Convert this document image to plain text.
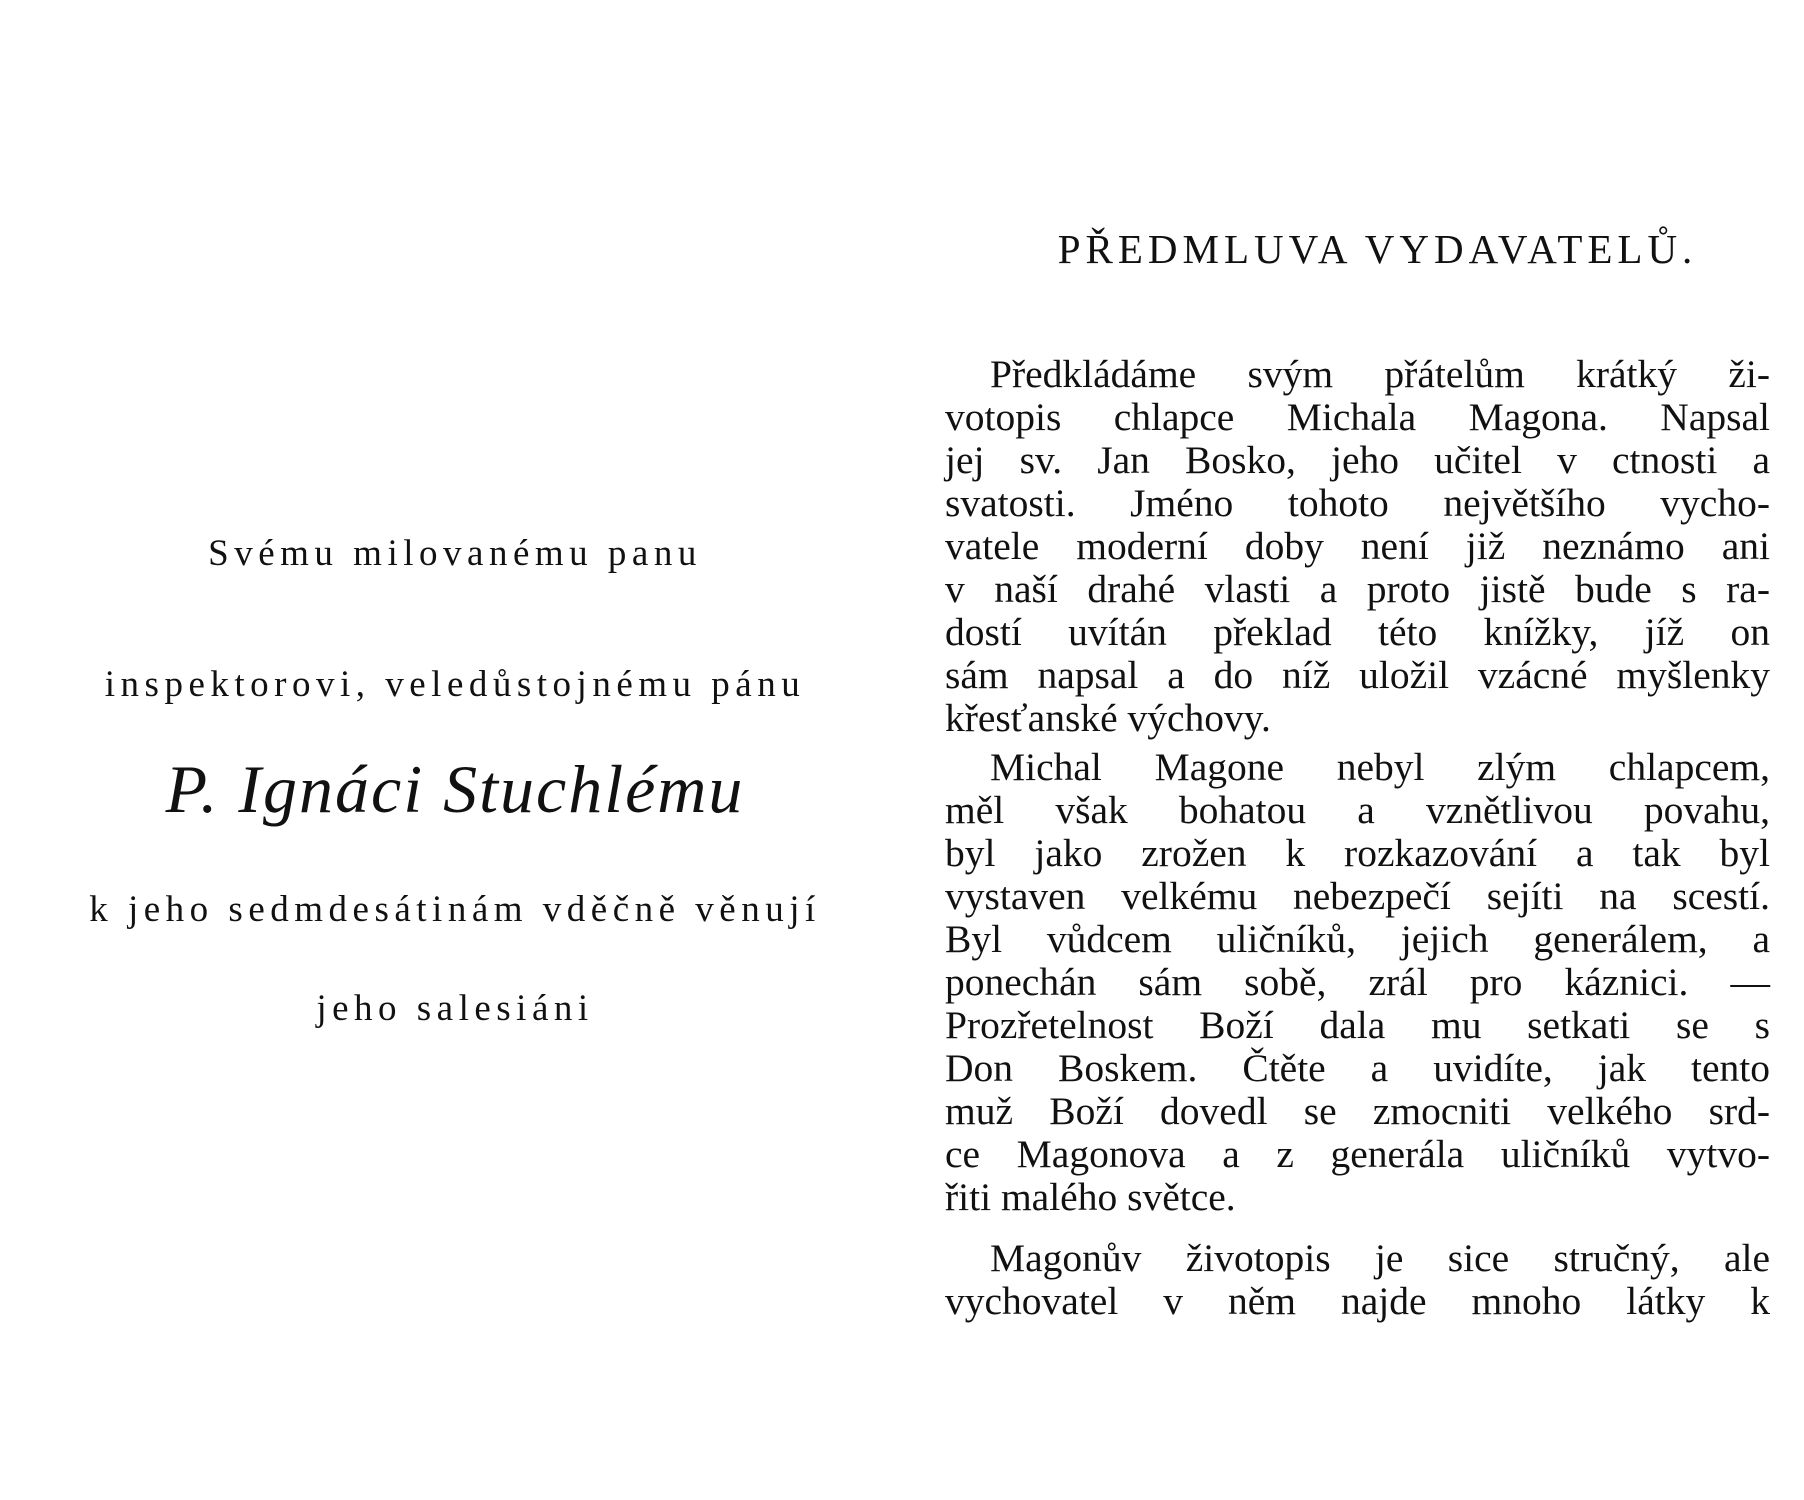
Svému milovanému panu

inspektorovi, veledůstojnému pánu

P. Ignáci Stuchlému

k jeho sedmdesátinám vděčně věnují

jeho salesiáni

PŘEDMLUVA VYDAVATELŮ.
Předkládáme svým přátelům krátký ži-
votopis chlapce Michala Magona. Napsal
jej sv. Jan Bosko, jeho učitel v ctnosti a
svatosti. Jméno tohoto největšího vycho-
vatele moderní doby není již neznámo ani
v naší drahé vlasti a proto jistě bude s ra-
dostí uvítán překlad této knížky, jíž on
sám napsal a do níž uložil vzácné myšlenky
křesťanské výchovy.
Michal Magone nebyl zlým chlapcem,
měl však bohatou a vznětlivou povahu,
byl jako zrožen k rozkazování a tak byl
vystaven velkému nebezpečí sejíti na scestí.
Byl vůdcem uličníků, jejich generálem, a
ponechán sám sobě, zrál pro káznici. —
Prozřetelnost Boží dala mu setkati se s
Don Boskem. Čtěte a uvidíte, jak tento
muž Boží dovedl se zmocniti velkého srd-
ce Magonova a z generála uličníků vytvo-
řiti malého světce.
Magonův životopis je sice stručný, ale
vychovatel v něm najde mnoho látky k
